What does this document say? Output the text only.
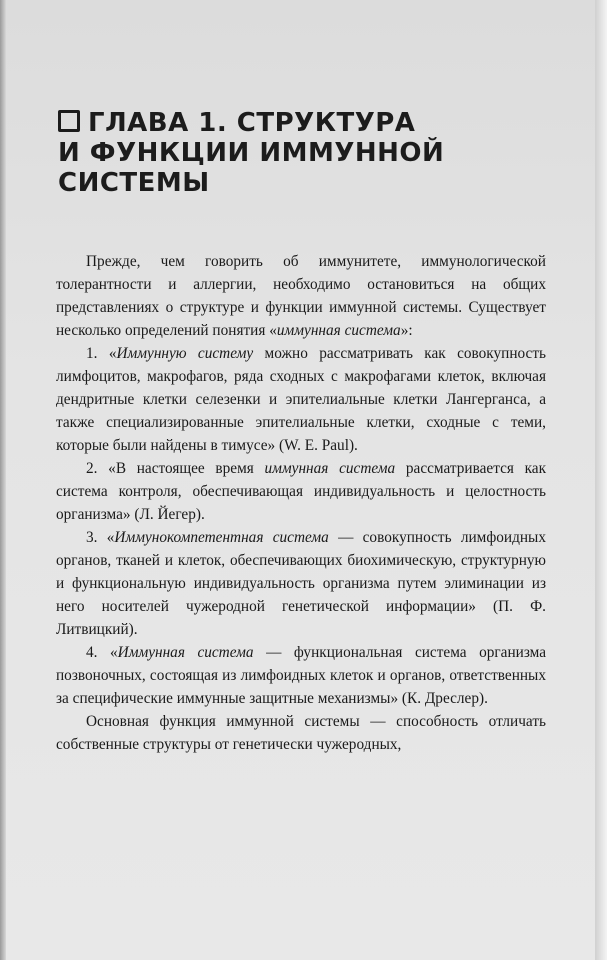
ГЛАВА 1. СТРУКТУРА
И ФУНКЦИИ ИММУННОЙ
СИСТЕМЫ

Прежде, чем говорить об иммунитете, иммунологической толерантности и аллергии, необходимо остановиться на общих представлениях о структуре и функции иммунной системы. Существует несколько определений понятия «иммунная система»:

1. «Иммунную систему можно рассматривать как совокупность лимфоцитов, макрофагов, ряда сходных с макрофагами клеток, включая дендритные клетки селезенки и эпителиальные клетки Лангерганса, а также специализированные эпителиальные клетки, сходные с теми, которые были найдены в тимусе» (W. E. Paul).

2. «В настоящее время иммунная система рассматривается как система контроля, обеспечивающая индивидуальность и целостность организма» (Л. Йегер).

3. «Иммунокомпетентная система — совокупность лимфоидных органов, тканей и клеток, обеспечивающих биохимическую, структурную и функциональную индивидуальность организма путем элиминации из него носителей чужеродной генетической информации» (П. Ф. Литвицкий).

4. «Иммунная система — функциональная система организма позвоночных, состоящая из лимфоидных клеток и органов, ответственных за специфические иммунные защитные механизмы» (К. Дреслер).

Основная функция иммунной системы — способность отличать собственные структуры от генетически чужеродных,
